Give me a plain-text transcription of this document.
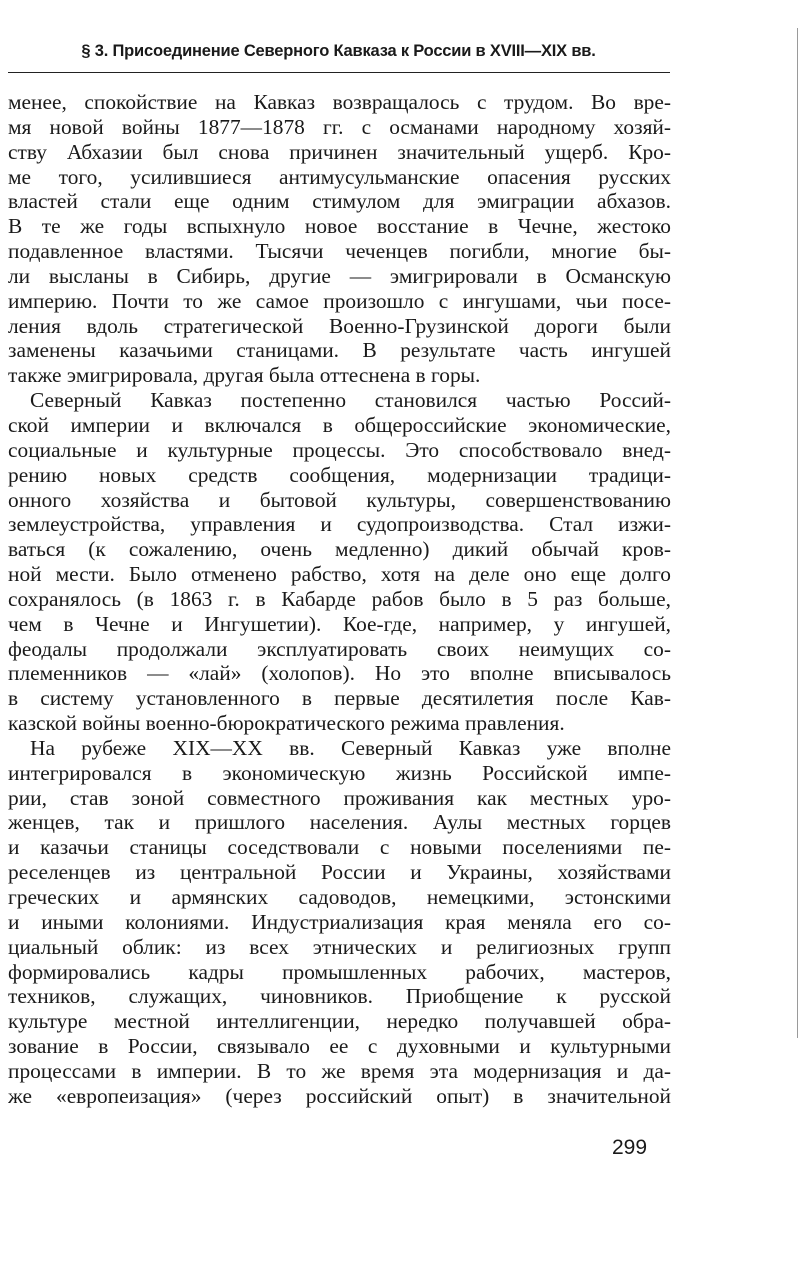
§ 3. Присоединение Северного Кавказа к России в XVIII—XIX вв.
менее, спокойствие на Кавказ возвращалось с трудом. Во вре-
мя новой войны 1877—1878 гг. с османами народному хозяй-
ству Абхазии был снова причинен значительный ущерб. Кро-
ме того, усилившиеся антимусульманские опасения русских
властей стали еще одним стимулом для эмиграции абхазов.
В те же годы вспыхнуло новое восстание в Чечне, жестоко
подавленное властями. Тысячи чеченцев погибли, многие бы-
ли высланы в Сибирь, другие — эмигрировали в Османскую
империю. Почти то же самое произошло с ингушами, чьи посе-
ления вдоль стратегической Военно-Грузинской дороги были
заменены казачьими станицами. В результате часть ингушей
также эмигрировала, другая была оттеснена в горы.
Северный Кавказ постепенно становился частью Россий-
ской империи и включался в общероссийские экономические,
социальные и культурные процессы. Это способствовало внед-
рению новых средств сообщения, модернизации традици-
онного хозяйства и бытовой культуры, совершенствованию
землеустройства, управления и судопроизводства. Стал изжи-
ваться (к сожалению, очень медленно) дикий обычай кров-
ной мести. Было отменено рабство, хотя на деле оно еще долго
сохранялось (в 1863 г. в Кабарде рабов было в 5 раз больше,
чем в Чечне и Ингушетии). Кое-где, например, у ингушей,
феодалы продолжали эксплуатировать своих неимущих со-
племенников — «лай» (холопов). Но это вполне вписывалось
в систему установленного в первые десятилетия после Кав-
казской войны военно-бюрократического режима правления.
На рубеже XIX—XX вв. Северный Кавказ уже вполне
интегрировался в экономическую жизнь Российской импе-
рии, став зоной совместного проживания как местных уро-
женцев, так и пришлого населения. Аулы местных горцев
и казачьи станицы соседствовали с новыми поселениями пе-
реселенцев из центральной России и Украины, хозяйствами
греческих и армянских садоводов, немецкими, эстонскими
и иными колониями. Индустриализация края меняла его со-
циальный облик: из всех этнических и религиозных групп
формировались кадры промышленных рабочих, мастеров,
техников, служащих, чиновников. Приобщение к русской
культуре местной интеллигенции, нередко получавшей обра-
зование в России, связывало ее с духовными и культурными
процессами в империи. В то же время эта модернизация и да-
же «европеизация» (через российский опыт) в значительной
299
